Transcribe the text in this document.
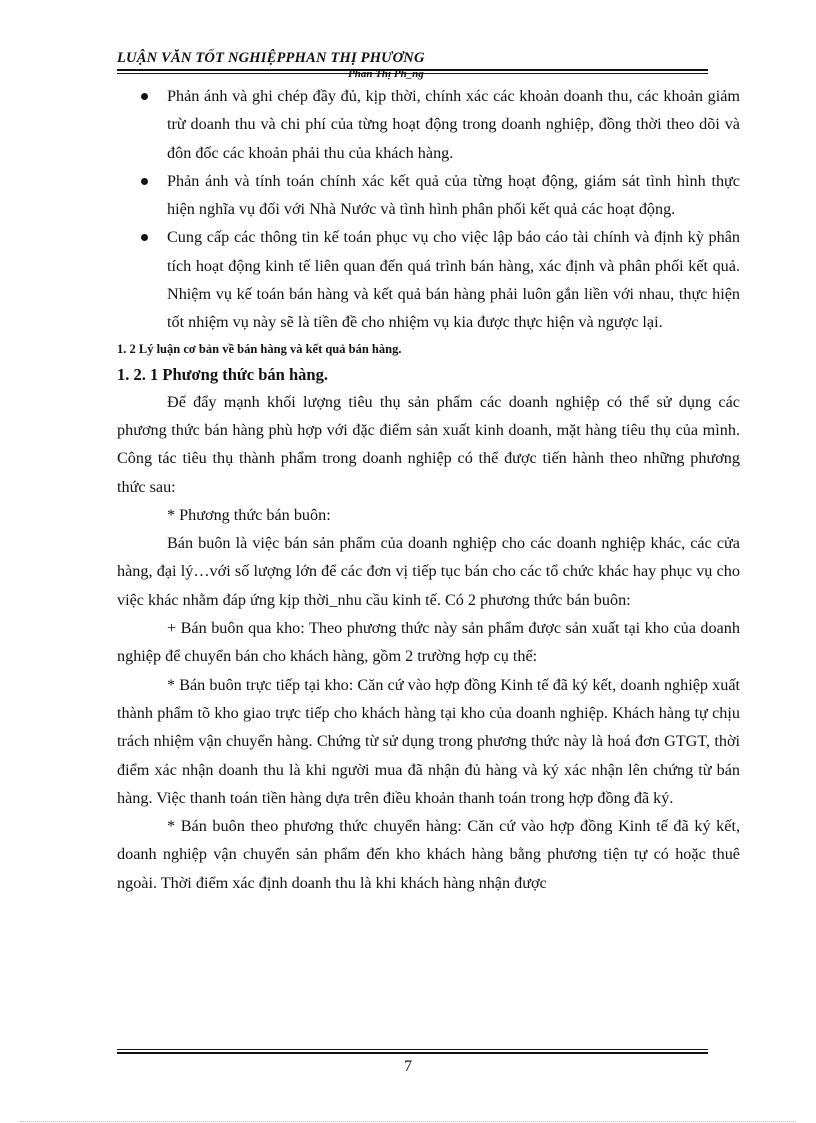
LUẬN VĂN TỐT NGHIỆPPHAN THỊ PHƯƠNG
Phan Thị Ph_ng
Phản ánh và ghi chép đầy đủ, kịp thời, chính xác các khoản doanh thu, các khoản giảm trừ doanh thu và chi phí của từng hoạt động trong doanh nghiệp, đồng thời theo dõi và đôn đốc các khoản phải thu của khách hàng.
Phản ánh và tính toán chính xác kết quả của từng hoạt động, giám sát tình hình thực hiện nghĩa vụ đối với Nhà Nước và tình hình phân phối kết quả các hoạt động.
Cung cấp các thông tin kế toán phục vụ cho việc lập báo cáo tài chính và định kỳ phân tích hoạt động kinh tế liên quan đến quá trình bán hàng, xác định và phân phối kết quả. Nhiệm vụ kế toán bán hàng và kết quả bán hàng phải luôn gắn liền với nhau, thực hiện tốt nhiệm vụ này sẽ là tiền đề cho nhiệm vụ kia được thực hiện và ngược lại.
1. 2 Lý luận cơ bản về bán hàng và kết quả bán hàng.
1. 2. 1 Phương thức bán hàng.
Để đẩy mạnh khối lượng tiêu thụ sản phẩm các doanh nghiệp có thể sử dụng các phương thức bán hàng phù hợp với đặc điểm sản xuất kinh doanh, mặt hàng tiêu thụ của mình. Công tác tiêu thụ thành phẩm trong doanh nghiệp có thể được tiến hành theo những phương thức sau:
* Phương thức bán buôn:
Bán buôn là việc bán sản phẩm của doanh nghiệp cho các doanh nghiệp khác, các cửa hàng, đại lý…với số lượng lớn để các đơn vị tiếp tục bán cho các tổ chức khác hay phục vụ cho việc khác nhằm đáp ứng kịp thời_nhu cầu kinh tế. Có 2 phương thức bán buôn:
+ Bán buôn qua kho: Theo phương thức này sản phẩm được sản xuất tại kho của doanh nghiệp để chuyển bán cho khách hàng, gồm 2 trường hợp cụ thể:
* Bán buôn trực tiếp tại kho: Căn cứ vào hợp đồng Kinh tế đã ký kết, doanh nghiệp xuất thành phẩm tõ kho giao trực tiếp cho khách hàng tại kho của doanh nghiệp. Khách hàng tự chịu trách nhiệm vận chuyển hàng. Chứng từ sử dụng trong phương thức này là hoá đơn GTGT, thời điểm xác nhận doanh thu là khi người mua đã nhận đủ hàng và ký xác nhận lên chứng từ bán hàng. Việc thanh toán tiền hàng dựa trên điều khoản thanh toán trong hợp đồng đã ký.
* Bán buôn theo phương thức chuyển hàng: Căn cứ vào hợp đồng Kinh tế đã ký kết, doanh nghiệp vận chuyển sản phẩm đến kho khách hàng bằng phương tiện tự có hoặc thuê ngoài. Thời điểm xác định doanh thu là khi khách hàng nhận được
7
